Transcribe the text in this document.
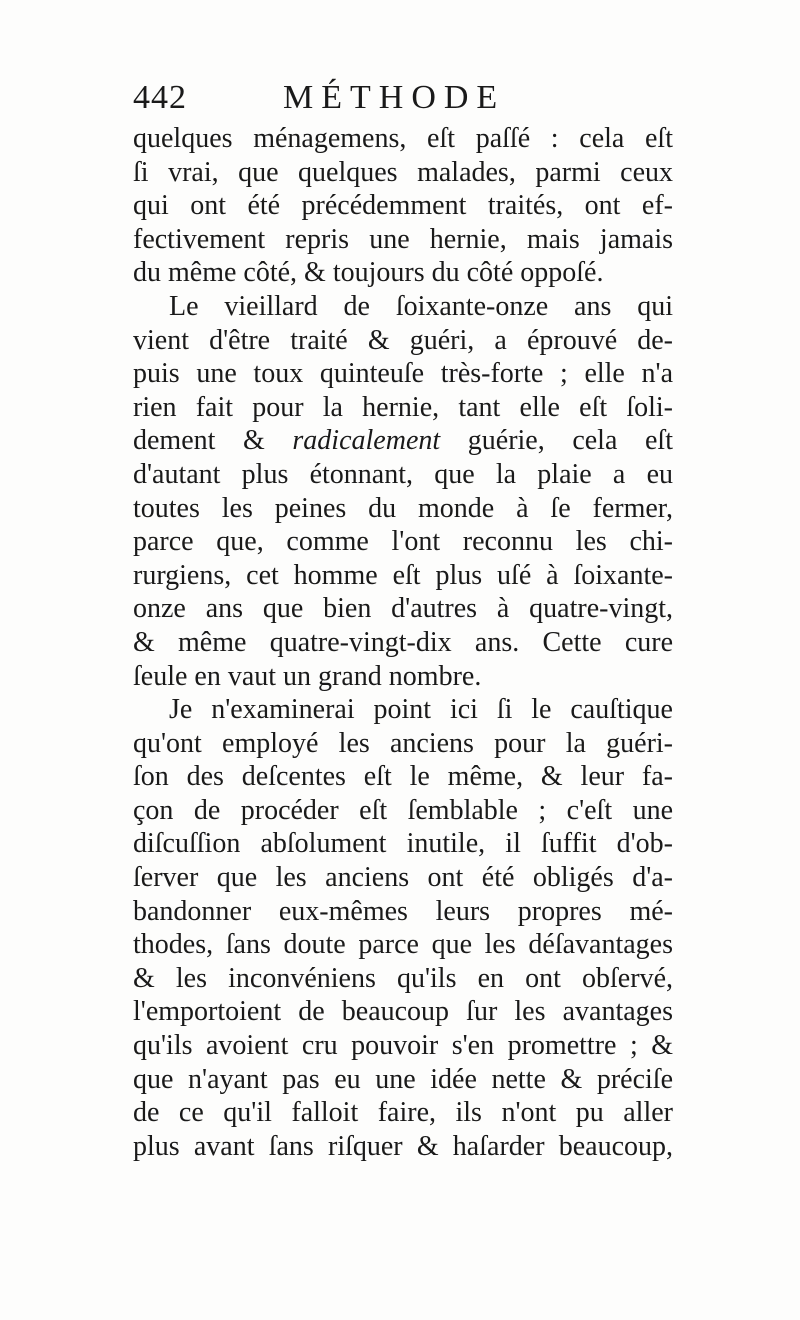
442	MÉTHODE
quelques ménagemens, eſt paſſé : cela eſt
ſi vrai, que quelques malades, parmi ceux
qui ont été précédemment traités, ont ef-
fectivement repris une hernie, mais jamais
du même côté, & toujours du côté oppoſé.
Le vieillard de ſoixante-onze ans qui
vient d'être traité & guéri, a éprouvé de-
puis une toux quinteuſe très-forte ; elle n'a
rien fait pour la hernie, tant elle eſt ſoli-
dement & radicalement guérie, cela eſt
d'autant plus étonnant, que la plaie a eu
toutes les peines du monde à ſe fermer,
parce que, comme l'ont reconnu les chi-
rurgiens, cet homme eſt plus uſé à ſoixante-
onze ans que bien d'autres à quatre-vingt,
& même quatre-vingt-dix ans. Cette cure
ſeule en vaut un grand nombre.
Je n'examinerai point ici ſi le cauſtique
qu'ont employé les anciens pour la guéri-
ſon des deſcentes eſt le même, & leur fa-
çon de procéder eſt ſemblable ; c'eſt une
diſcuſſion abſolument inutile, il ſuffit d'ob-
ſerver que les anciens ont été obligés d'a-
bandonner eux-mêmes leurs propres mé-
thodes, ſans doute parce que les déſavantages
& les inconvéniens qu'ils en ont obſervé,
l'emportoient de beaucoup ſur les avantages
qu'ils avoient cru pouvoir s'en promettre ; &
que n'ayant pas eu une idée nette & préciſe
de ce qu'il falloit faire, ils n'ont pu aller
plus avant ſans riſquer & haſarder beaucoup,
